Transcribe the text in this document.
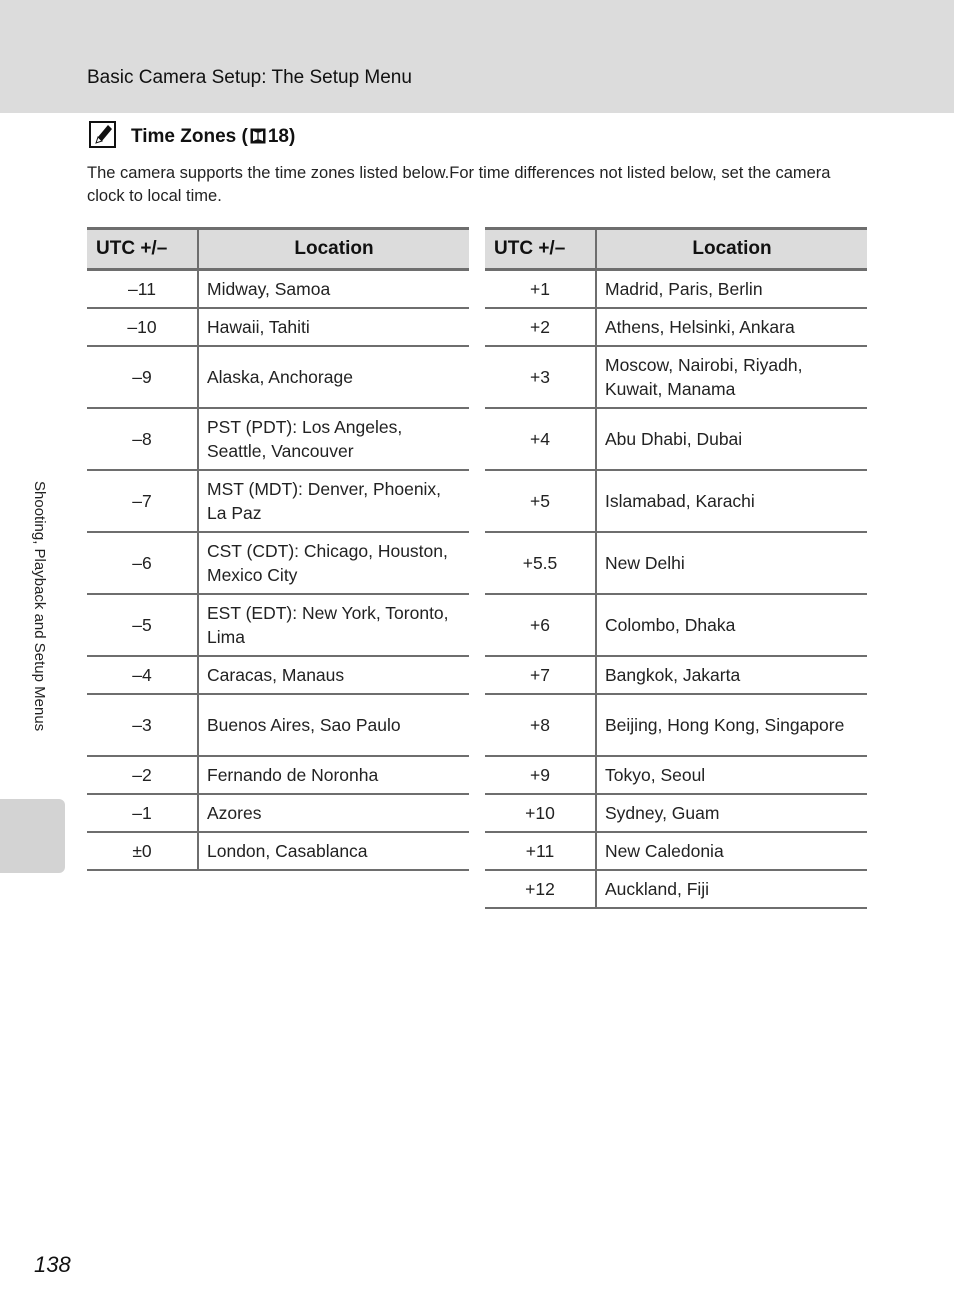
Basic Camera Setup: The Setup Menu
Time Zones ( 18)
The camera supports the time zones listed below.For time differences not listed below, set the camera clock to local time.
UTC +/–	Location
–11	Midway, Samoa
–10	Hawaii, Tahiti
–9	Alaska, Anchorage
–8	PST (PDT): Los Angeles, Seattle, Vancouver
–7	MST (MDT): Denver, Phoenix, La Paz
–6	CST (CDT): Chicago, Houston, Mexico City
–5	EST (EDT): New York, Toronto, Lima
–4	Caracas, Manaus
–3	Buenos Aires, Sao Paulo
–2	Fernando de Noronha
–1	Azores
±0	London, Casablanca
UTC +/–	Location
+1	Madrid, Paris, Berlin
+2	Athens, Helsinki, Ankara
+3	Moscow, Nairobi, Riyadh, Kuwait, Manama
+4	Abu Dhabi, Dubai
+5	Islamabad, Karachi
+5.5	New Delhi
+6	Colombo, Dhaka
+7	Bangkok, Jakarta
+8	Beijing, Hong Kong, Singapore
+9	Tokyo, Seoul
+10	Sydney, Guam
+11	New Caledonia
+12	Auckland, Fiji
Shooting, Playback and Setup Menus
138
